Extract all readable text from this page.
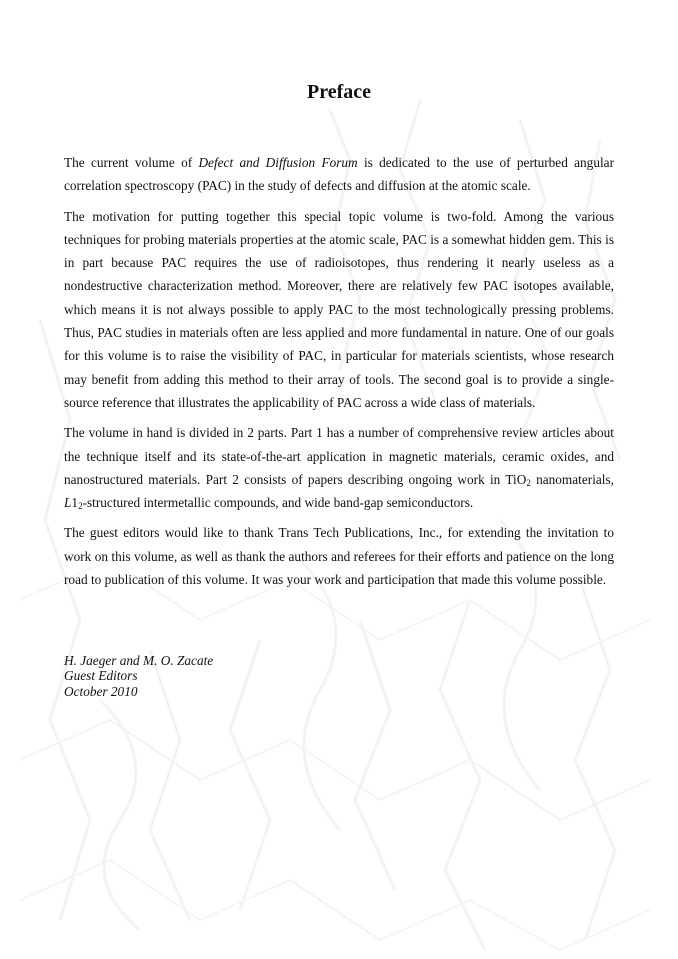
Preface

The current volume of Defect and Diffusion Forum is dedicated to the use of perturbed angular correlation spectroscopy (PAC) in the study of defects and diffusion at the atomic scale.

The motivation for putting together this special topic volume is two-fold. Among the various techniques for probing materials properties at the atomic scale, PAC is a somewhat hidden gem. This is in part because PAC requires the use of radioisotopes, thus rendering it nearly useless as a nondestructive characterization method. Moreover, there are relatively few PAC isotopes available, which means it is not always possible to apply PAC to the most technologically pressing problems. Thus, PAC studies in materials often are less applied and more fundamental in nature. One of our goals for this volume is to raise the visibility of PAC, in particular for materials scientists, whose research may benefit from adding this method to their array of tools. The second goal is to provide a single-source reference that illustrates the applicability of PAC across a wide class of materials.

The volume in hand is divided in 2 parts. Part 1 has a number of comprehensive review articles about the technique itself and its state-of-the-art application in magnetic materials, ceramic oxides, and nanostructured materials. Part 2 consists of papers describing ongoing work in TiO$_2$ nanomaterials, $L1_2$-structured intermetallic compounds, and wide band-gap semiconductors.

The guest editors would like to thank Trans Tech Publications, Inc., for extending the invitation to work on this volume, as well as thank the authors and referees for their efforts and patience on the long road to publication of this volume. It was your work and participation that made this volume possible.

H. Jaeger and M. O. Zacate
Guest Editors
October 2010
